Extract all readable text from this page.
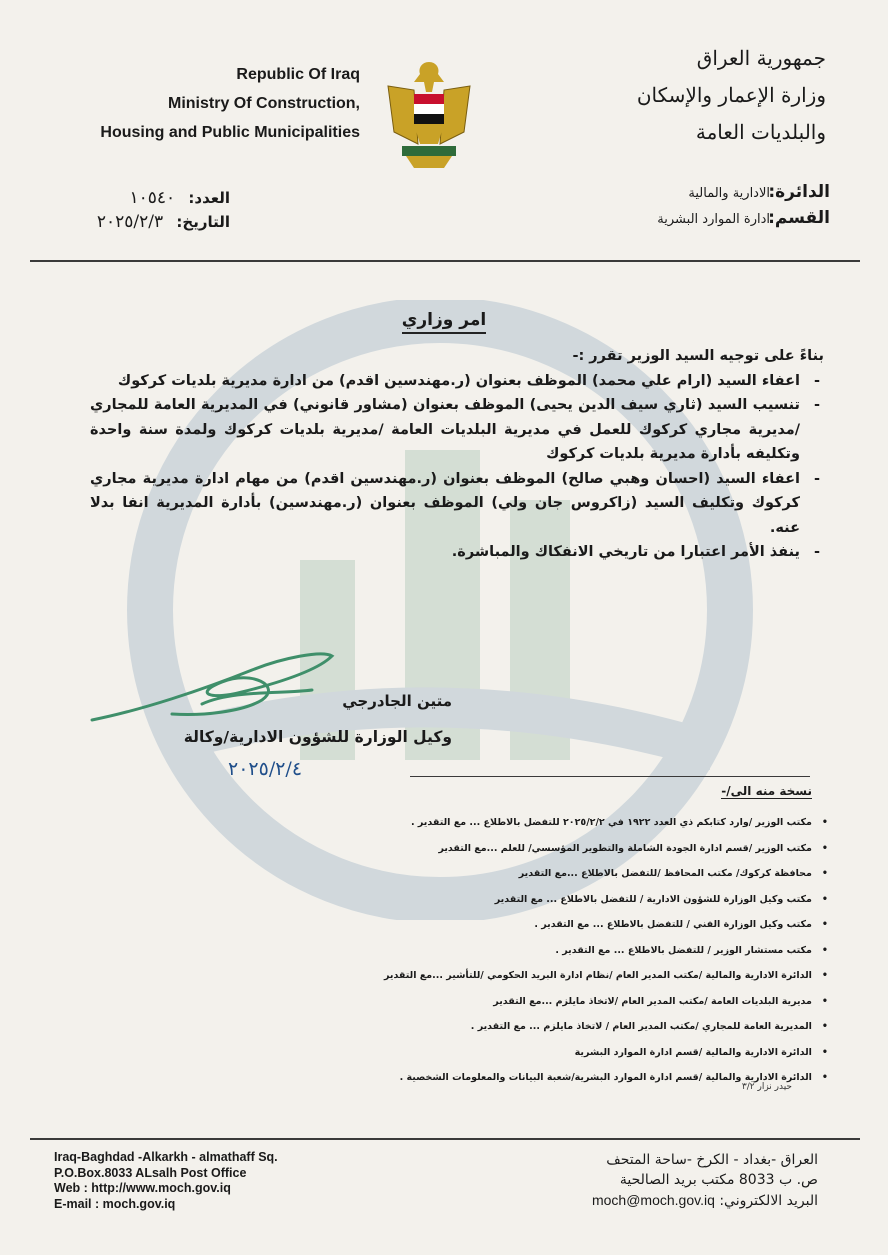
Republic Of Iraq
Ministry Of Construction,
Housing and Public Municipalities
جمهورية العراق
وزارة الإعمار والإسكان
والبلديات العامة
العدد: ١٠٥٤٠
التاريخ: ٢٠٢٥/٢/٣
الدائرة:
الادارية والمالية
القسم:
ادارة الموارد البشرية
امر وزاري

بناءً على توجيه السيد الوزير تقرر :-

- اعفاء السيد (ارام علي محمد) الموظف بعنوان (ر.مهندسين اقدم) من ادارة مديرية بلديات كركوك
- تنسيب السيد (ثاري سيف الدين يحيى) الموظف بعنوان (مشاور قانوني) في المديرية العامة للمجاري /مديرية مجاري كركوك للعمل في مديرية البلديات العامة /مديرية بلديات كركوك ولمدة سنة واحدة وتكليفه بأدارة مديرية بلديات كركوك
- اعفاء السيد (احسان وهبي صالح) الموظف بعنوان (ر.مهندسين اقدم) من مهام ادارة مديرية مجاري كركوك وتكليف السيد (زاكروس جان ولي) الموظف بعنوان (ر.مهندسين) بأدارة المديرية انفا بدلا عنه.
- ينفذ الأمر اعتبارا من تاريخي الانفكاك والمباشرة.
متين الجادرجي
وكيل الوزارة للشؤون الادارية/وكالة
٢٠٢٥/٢/٤
نسخة منه الى/-
• مكتب الوزير /وارد كتابكم ذي العدد ١٩٢٢ في ٢٠٢٥/٢/٢ للتفضل بالاطلاع ... مع التقدير .
• مكتب الوزير /قسم ادارة الجودة الشاملة والتطوير المؤسسي/ للعلم ...مع التقدير
• محافظة كركوك/ مكتب المحافظ /للتفضل بالاطلاع ...مع التقدير
• مكتب وكيل الوزارة للشؤون الادارية / للتفضل بالاطلاع ... مع التقدير
• مكتب وكيل الوزارة الفني / للتفضل بالاطلاع ... مع التقدير .
• مكتب مستشار الوزير / للتفضل بالاطلاع ... مع التقدير .
• الدائرة الادارية والمالية /مكتب المدير العام /نظام ادارة البريد الحكومي /للتأشير ...مع التقدير
• مديرية البلديات العامة /مكتب المدير العام /لاتخاذ مايلزم ...مع التقدير
• المديرية العامة للمجاري /مكتب المدير العام / لاتخاذ مايلزم ... مع التقدير .
• الدائرة الادارية والمالية /قسم ادارة الموارد البشرية
• الدائرة الادارية والمالية /قسم ادارة الموارد البشرية/شعبة البيانات والمعلومات الشخصية .
حيدر نزار ٣/٢
Iraq-Baghdad -Alkarkh - almathaff Sq.
P.O.Box.8033 ALsalh Post Office
Web : http://www.moch.gov.iq
E-mail : moch.gov.iq
العراق -بغداد - الكرخ -ساحة المتحف
ص. ب 8033 مكتب بريد الصالحية
البريد الالكتروني: moch@moch.gov.iq
